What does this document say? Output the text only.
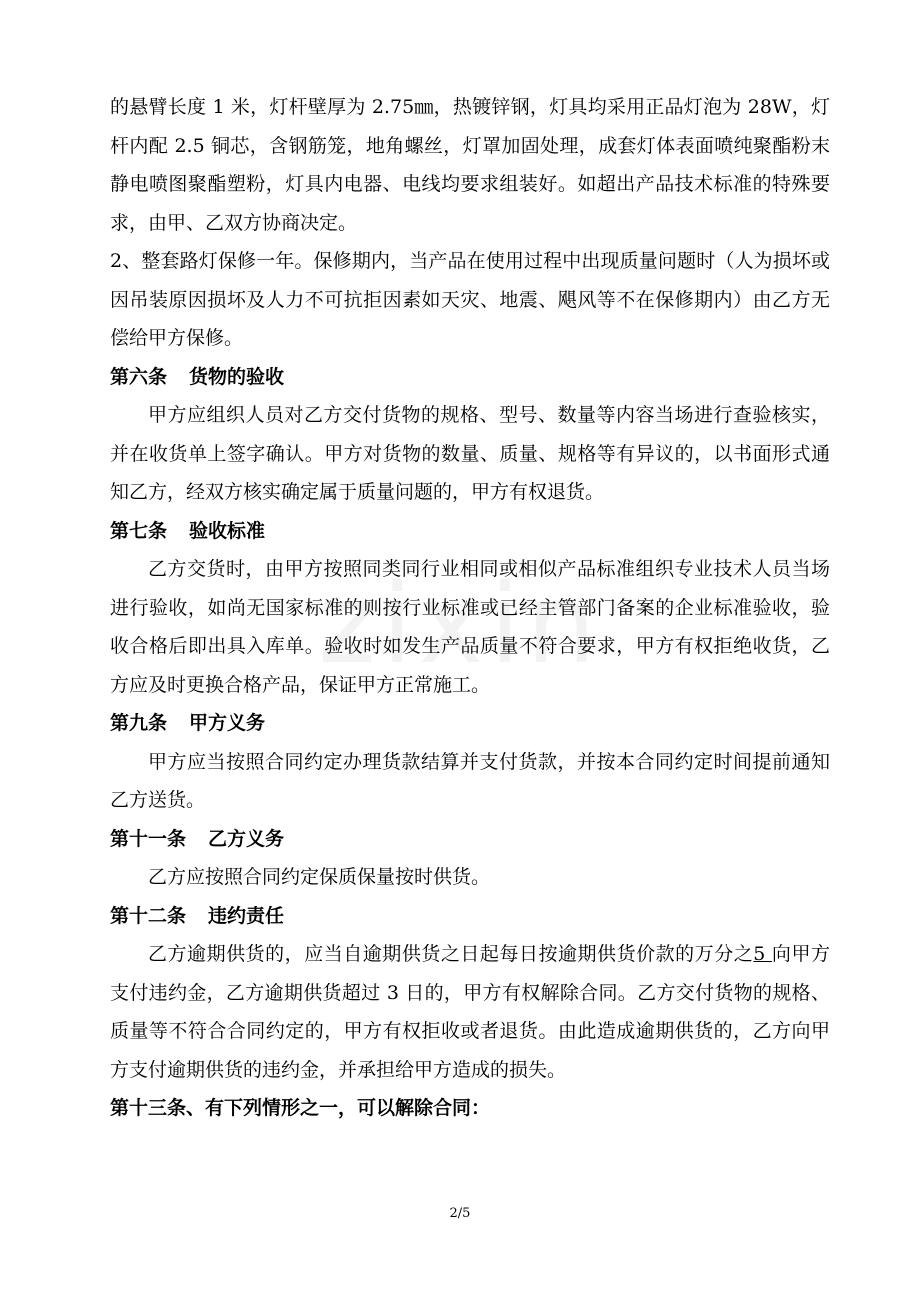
的悬臂长度 1 米，灯杆壁厚为 2.75㎜，热镀锌钢，灯具均采用正品灯泡为 28W，灯杆内配 2.5 铜芯，含钢筋笼，地角螺丝，灯罩加固处理，成套灯体表面喷纯聚酯粉末静电喷图聚酯塑粉，灯具内电器、电线均要求组装好。如超出产品技术标准的特殊要求，由甲、乙双方协商决定。

2、整套路灯保修一年。保修期内，当产品在使用过程中出现质量问题时（人为损坏或因吊装原因损坏及人力不可抗拒因素如天灾、地震、飓风等不在保修期内）由乙方无偿给甲方保修。

第六条 货物的验收

甲方应组织人员对乙方交付货物的规格、型号、数量等内容当场进行查验核实，并在收货单上签字确认。甲方对货物的数量、质量、规格等有异议的，以书面形式通知乙方，经双方核实确定属于质量问题的，甲方有权退货。

第七条 验收标准

乙方交货时，由甲方按照同类同行业相同或相似产品标准组织专业技术人员当场进行验收，如尚无国家标准的则按行业标准或已经主管部门备案的企业标准验收，验收合格后即出具入库单。验收时如发生产品质量不符合要求，甲方有权拒绝收货，乙方应及时更换合格产品，保证甲方正常施工。

第九条 甲方义务

甲方应当按照合同约定办理货款结算并支付货款，并按本合同约定时间提前通知乙方送货。

第十一条 乙方义务

乙方应按照合同约定保质保量按时供货。

第十二条 违约责任

乙方逾期供货的，应当自逾期供货之日起每日按逾期供货价款的万分之5 向甲方支付违约金，乙方逾期供货超过 3 日的，甲方有权解除合同。乙方交付货物的规格、质量等不符合合同约定的，甲方有权拒收或者退货。由此造成逾期供货的，乙方向甲方支付逾期供货的违约金，并承担给甲方造成的损失。

第十三条、有下列情形之一，可以解除合同：

2/5
